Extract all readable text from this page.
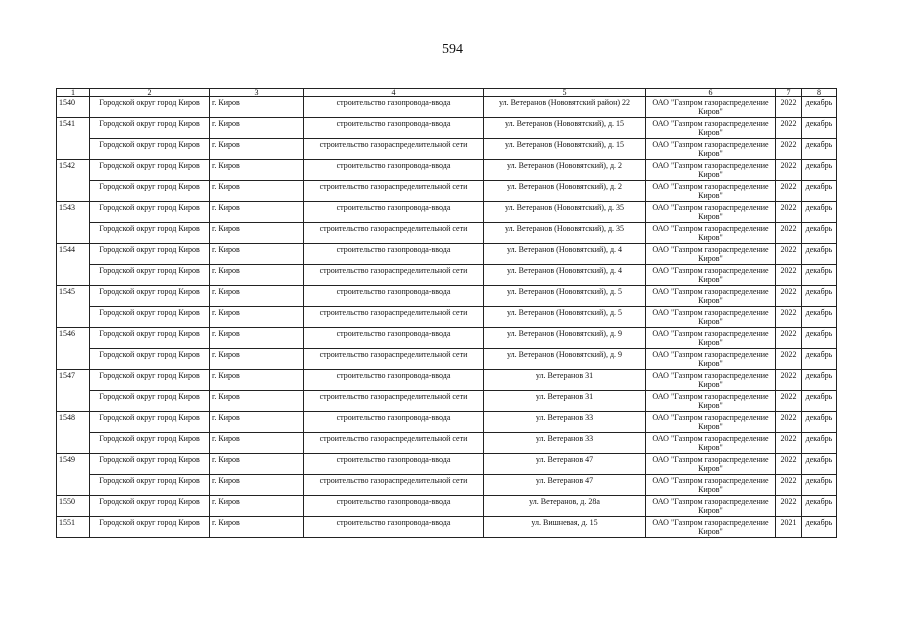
594
1	2	3	4	5	6	7	8
1540	Городской округ город Киров	г. Киров	строительство газопровода-ввода	ул. Ветеранов (Нововятский район) 22	ОАО "Газпром газораспределение Киров"	2022	декабрь
1541	Городской округ город Киров	г. Киров	строительство газопровода-ввода	ул. Ветеранов (Нововятский), д. 15	ОАО "Газпром газораспределение Киров"	2022	декабрь
	Городской округ город Киров	г. Киров	строительство газораспределительной сети	ул. Ветеранов (Нововятский), д. 15	ОАО "Газпром газораспределение Киров"	2022	декабрь
1542	Городской округ город Киров	г. Киров	строительство газопровода-ввода	ул. Ветеранов (Нововятский), д. 2	ОАО "Газпром газораспределение Киров"	2022	декабрь
	Городской округ город Киров	г. Киров	строительство газораспределительной сети	ул. Ветеранов (Нововятский), д. 2	ОАО "Газпром газораспределение Киров"	2022	декабрь
1543	Городской округ город Киров	г. Киров	строительство газопровода-ввода	ул. Ветеранов (Нововятский), д. 35	ОАО "Газпром газораспределение Киров"	2022	декабрь
	Городской округ город Киров	г. Киров	строительство газораспределительной сети	ул. Ветеранов (Нововятский), д. 35	ОАО "Газпром газораспределение Киров"	2022	декабрь
1544	Городской округ город Киров	г. Киров	строительство газопровода-ввода	ул. Ветеранов (Нововятский), д. 4	ОАО "Газпром газораспределение Киров"	2022	декабрь
	Городской округ город Киров	г. Киров	строительство газораспределительной сети	ул. Ветеранов (Нововятский), д. 4	ОАО "Газпром газораспределение Киров"	2022	декабрь
1545	Городской округ город Киров	г. Киров	строительство газопровода-ввода	ул. Ветеранов (Нововятский), д. 5	ОАО "Газпром газораспределение Киров"	2022	декабрь
	Городской округ город Киров	г. Киров	строительство газораспределительной сети	ул. Ветеранов (Нововятский), д. 5	ОАО "Газпром газораспределение Киров"	2022	декабрь
1546	Городской округ город Киров	г. Киров	строительство газопровода-ввода	ул. Ветеранов (Нововятский), д. 9	ОАО "Газпром газораспределение Киров"	2022	декабрь
	Городской округ город Киров	г. Киров	строительство газораспределительной сети	ул. Ветеранов (Нововятский), д. 9	ОАО "Газпром газораспределение Киров"	2022	декабрь
1547	Городской округ город Киров	г. Киров	строительство газопровода-ввода	ул. Ветеранов 31	ОАО "Газпром газораспределение Киров"	2022	декабрь
	Городской округ город Киров	г. Киров	строительство газораспределительной сети	ул. Ветеранов 31	ОАО "Газпром газораспределение Киров"	2022	декабрь
1548	Городской округ город Киров	г. Киров	строительство газопровода-ввода	ул. Ветеранов 33	ОАО "Газпром газораспределение Киров"	2022	декабрь
	Городской округ город Киров	г. Киров	строительство газораспределительной сети	ул. Ветеранов 33	ОАО "Газпром газораспределение Киров"	2022	декабрь
1549	Городской округ город Киров	г. Киров	строительство газопровода-ввода	ул. Ветеранов 47	ОАО "Газпром газораспределение Киров"	2022	декабрь
	Городской округ город Киров	г. Киров	строительство газораспределительной сети	ул. Ветеранов 47	ОАО "Газпром газораспределение Киров"	2022	декабрь
1550	Городской округ город Киров	г. Киров	строительство газопровода-ввода	ул. Ветеранов, д. 28а	ОАО "Газпром газораспределение Киров"	2022	декабрь
1551	Городской округ город Киров	г. Киров	строительство газопровода-ввода	ул. Вишневая, д. 15	ОАО "Газпром газораспределение Киров"	2021	декабрь
